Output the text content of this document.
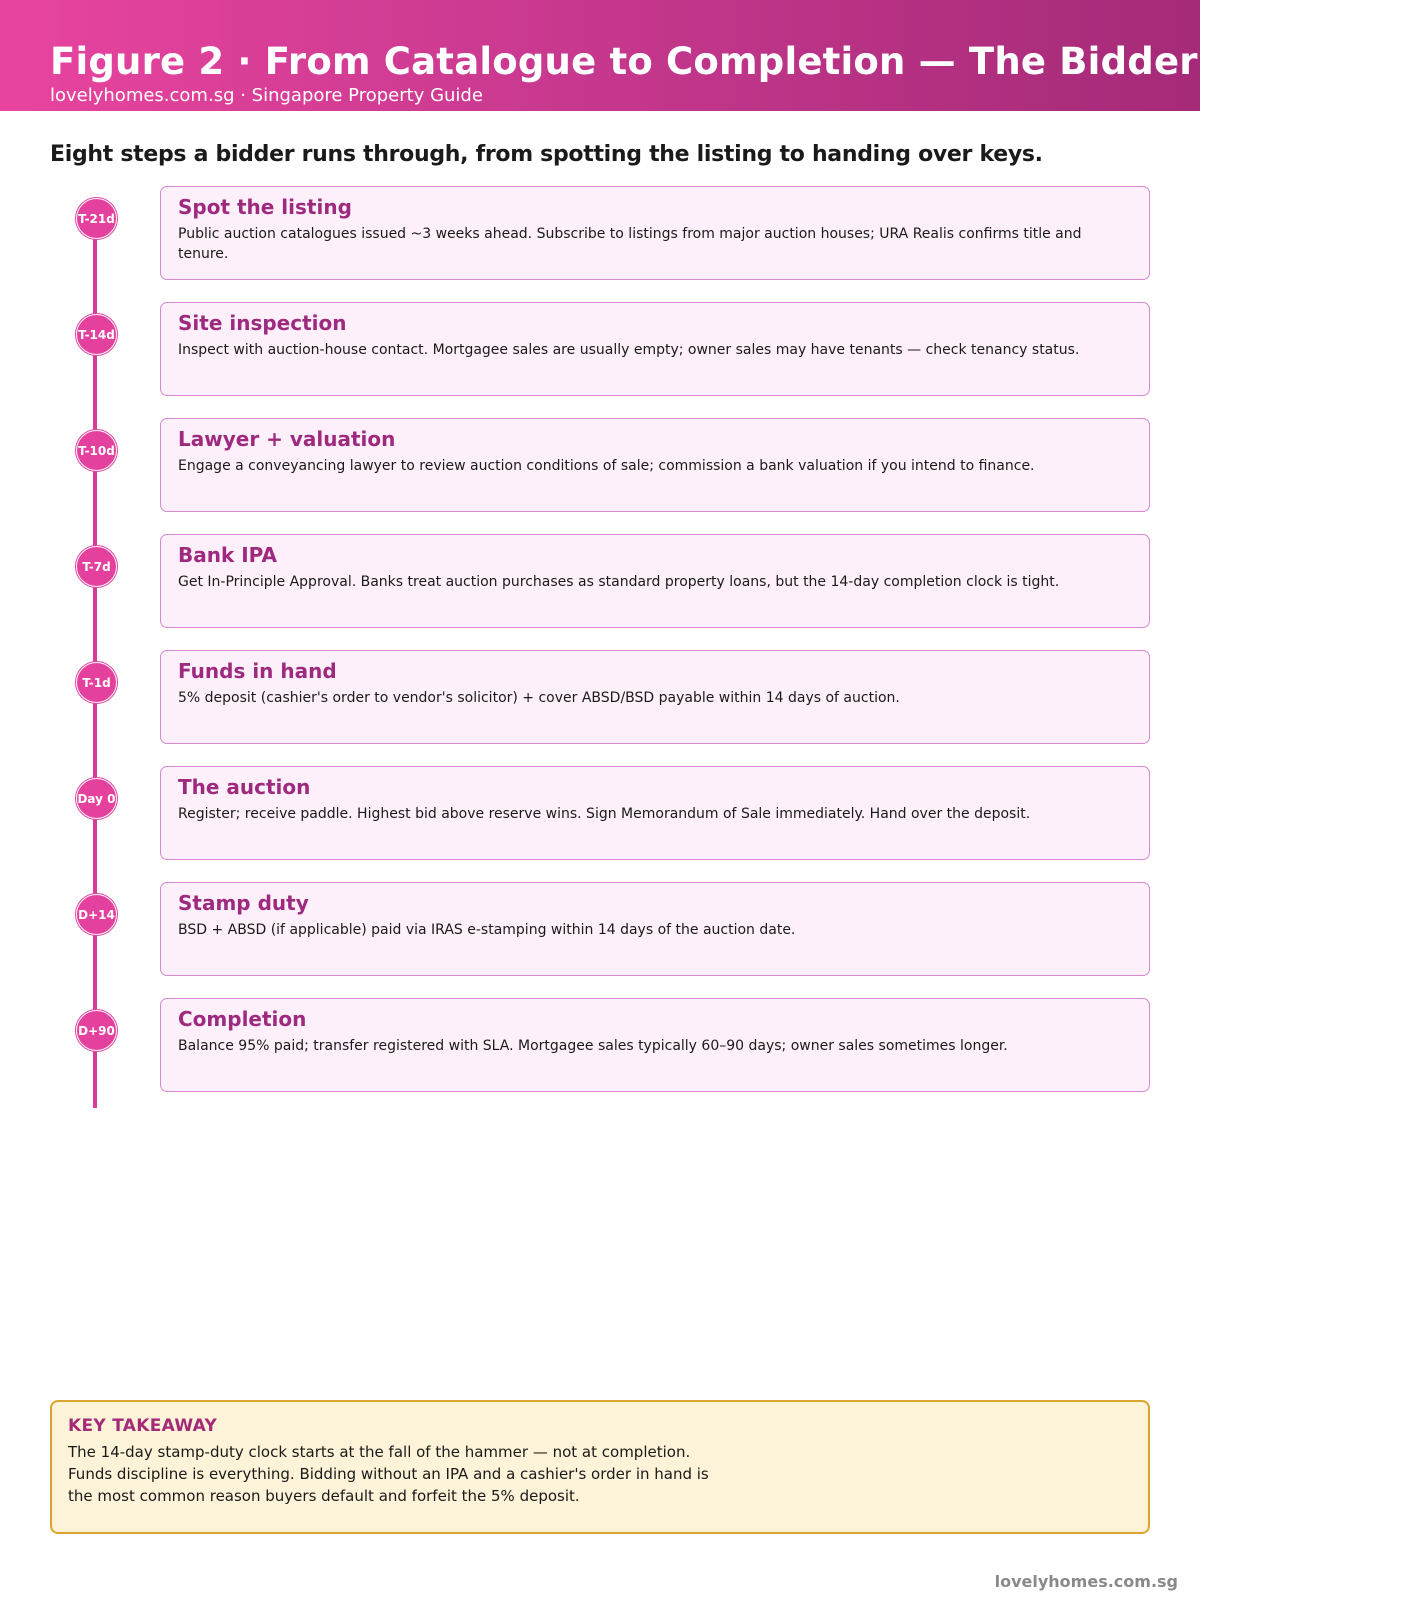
Figure 2 · From Catalogue to Completion — The Bidder's Timeline
lovelyhomes.com.sg · Singapore Property Guide
Eight steps a bidder runs through, from spotting the listing to handing over keys.
T-21d	Spot the listing
Public auction catalogues issued ~3 weeks ahead. Subscribe to listings from major auction houses; URA Realis confirms title and tenure.
T-14d	Site inspection
Inspect with auction-house contact. Mortgagee sales are usually empty; owner sales may have tenants — check tenancy status.
T-10d	Lawyer + valuation
Engage a conveyancing lawyer to review auction conditions of sale; commission a bank valuation if you intend to finance.
T-7d	Bank IPA
Get In-Principle Approval. Banks treat auction purchases as standard property loans, but the 14-day completion clock is tight.
T-1d	Funds in hand
5% deposit (cashier's order to vendor's solicitor) + cover ABSD/BSD payable within 14 days of auction.
Day 0	The auction
Register; receive paddle. Highest bid above reserve wins. Sign Memorandum of Sale immediately. Hand over the deposit.
D+14	Stamp duty
BSD + ABSD (if applicable) paid via IRAS e-stamping within 14 days of the auction date.
D+90	Completion
Balance 95% paid; transfer registered with SLA. Mortgagee sales typically 60–90 days; owner sales sometimes longer.
KEY TAKEAWAY
The 14-day stamp-duty clock starts at the fall of the hammer — not at completion. Funds discipline is everything. Bidding without an IPA and a cashier's order in hand is the most common reason buyers default and forfeit the 5% deposit.
lovelyhomes.com.sg
